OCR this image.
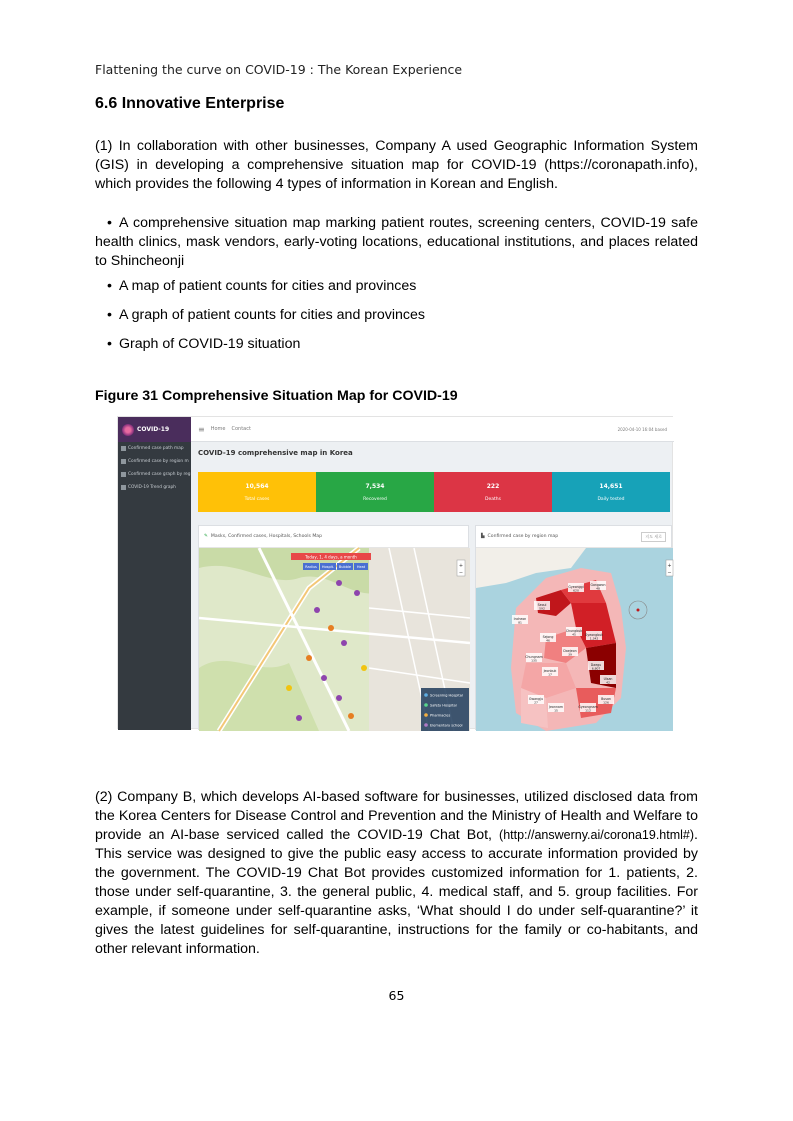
Flattening the curve on COVID-19 : The Korean Experience
6.6 Innovative Enterprise

(1) In collaboration with other businesses, Company A used Geographic Information System (GIS) in developing a comprehensive situation map for COVID-19 (https://coronapath.info), which provides the following 4 types of information in Korean and English.

• A comprehensive situation map marking patient routes, screening centers, COVID-19 safe health clinics, mask vendors, early-voting locations, educational institutions, and places related to Shincheonji
• A map of patient counts for cities and provinces
• A graph of patient counts for cities and provinces
• Graph of COVID-19 situation
Figure 31 Comprehensive Situation Map for COVID-19
COVID-19
Confirmed case path map
Confirmed case by region m
Confirmed case graph by reg
COVID-19 Trend graph
≡ Home Contact	2020-04-10 16:04 based
COVID-19 comprehensive map in Korea
10,564
Total cases
7,534
Recovered
222
Deaths
14,651
Daily tested
✎ Masks, Confirmed cases, Hospitals, Schools Map
Today, 1, 4 days, a month
Radius Hospit. Bubble Heat	+
−
Screening Hospital
Safety Hospital
Pharmacies
Elementary school
▙ Confirmed case by region map	지도 새로
+
−
Seoul
592
Gyeonggi
620
Gangwon
48
Incheon
81
Sejong
46
Chungbuk
45	Gyeongbuk
1,342
Chungnam
135
Daejeon
39
Jeonbuk
17
Daegu
6,807
Ulsan
42
Gwangju
27
Jeonnam
15
Gyeongnam
112
Busan
126

(2) Company B, which develops AI-based software for businesses, utilized disclosed data from the Korea Centers for Disease Control and Prevention and the Ministry of Health and Welfare to provide an AI-base serviced called the COVID-19 Chat Bot, (http://answerny.ai/corona19.html#). This service was designed to give the public easy access to accurate information provided by the government. The COVID-19 Chat Bot provides customized information for 1. patients, 2. those under self-quarantine, 3. the general public, 4. medical staff, and 5. group facilities. For example, if someone under self-quarantine asks, ‘What should I do under self-quarantine?’ it gives the latest guidelines for self-quarantine, instructions for the family or co-habitants, and other relevant information.

65
